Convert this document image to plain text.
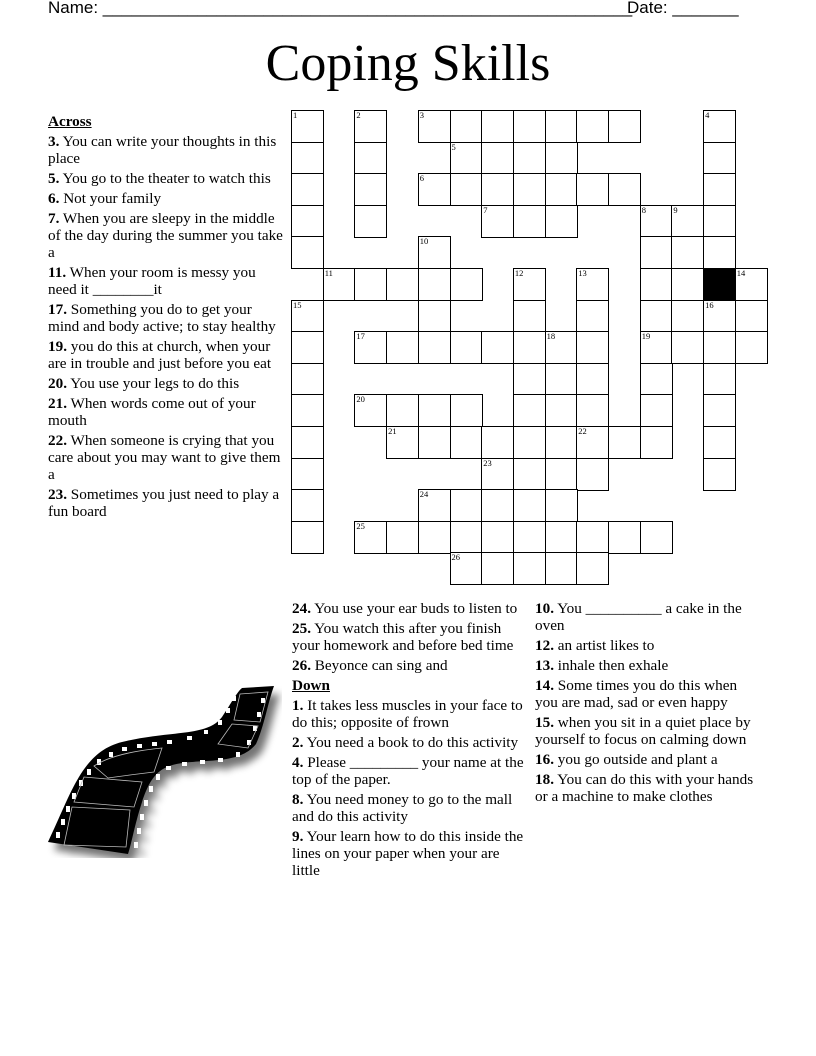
Name: ________________________________________________________
Date: _______
Coping Skills
1	2	3	4
5
6
7	8	9
10
11	12	13	14
15	16
17	18	19
20
21	22
23
24
25
26
Across
3. You can write your thoughts in this place
5. You go to the theater to watch this
6. Not your family
7. When you are sleepy in the middle of the day during the summer you take a
11. When your room is messy you need it ________it
17. Something you do to get your mind and body active; to stay healthy
19. you do this at church, when your are in trouble and just before you eat
20. You use your legs to do this
21. When words come out of your mouth
22. When someone is crying that you care about you may want to give them a
23. Sometimes you just need to play a fun board
24. You use your ear buds to listen to
25. You watch this after you finish your homework and before bed time
26. Beyonce can sing and
Down
1. It takes less muscles in your face to do this; opposite of frown
2. You need a book to do this activity
4. Please _________ your name at the top of the paper.
8. You need money to go to the mall and do this activity
9. Your learn how to do this inside the lines on your paper when your are little
10. You __________ a cake in the oven
12. an artist likes to
13. inhale then exhale
14. Some times you do this when you are mad, sad or even happy
15. when you sit in a quiet place by yourself to focus on calming down
16. you go outside and plant a
18. You can do this with your hands or a machine to make clothes
